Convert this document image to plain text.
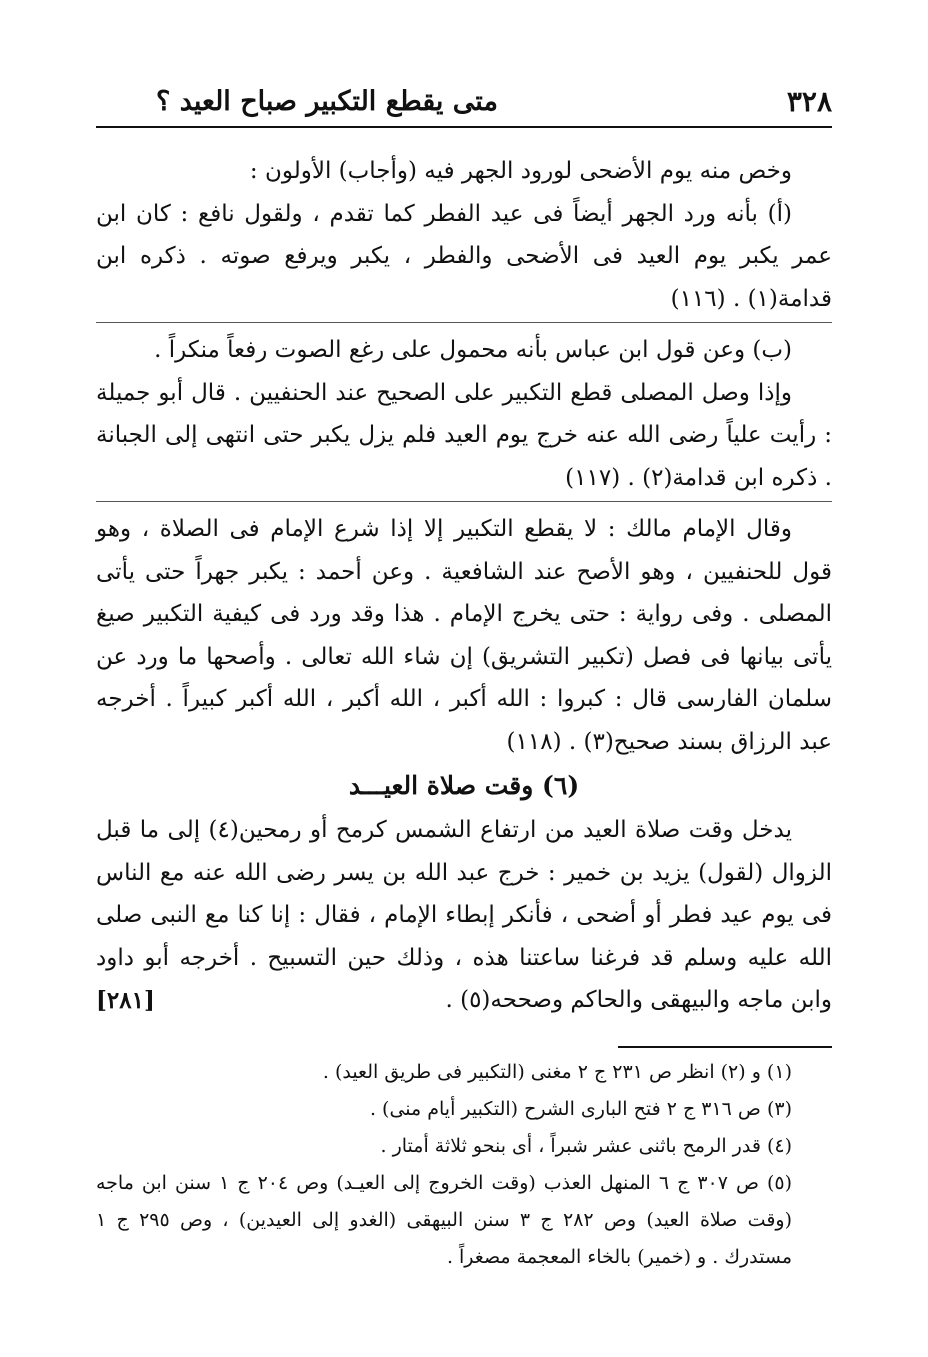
٣٢٨
متى يقطع التكبير صباح العيد ؟

وخص منه يوم الأضحى لورود الجهر فيه (وأجاب) الأولون :

(أ) بأنه ورد الجهر أيضاً فى عيد الفطر كما تقدم ، ولقول نافع : كان ابن عمر يكبر يوم العيد فى الأضحى والفطر ، يكبر ويرفع صوته . ذكره ابن قدامة(١) . (١١٦)

(ب) وعن قول ابن عباس بأنه محمول على رغع الصوت رفعاً منكراً .

وإذا وصل المصلى قطع التكبير على الصحيح عند الحنفيين . قال أبو جميلة : رأيت علياً رضى الله عنه خرج يوم العيد فلم يزل يكبر حتى انتهى إلى الجبانة . ذكره ابن قدامة(٢) . (١١٧)

وقال الإمام مالك : لا يقطع التكبير إلا إذا شرع الإمام فى الصلاة ، وهو قول للحنفيين ، وهو الأصح عند الشافعية . وعن أحمد : يكبر جهراً حتى يأتى المصلى . وفى رواية : حتى يخرج الإمام . هذا وقد ورد فى كيفية التكبير صيغ يأتى بيانها فى فصل (تكبير التشريق) إن شاء الله تعالى . وأصحها ما ورد عن سلمان الفارسى قال : كبروا : الله أكبر ، الله أكبر ، الله أكبر كبيراً . أخرجه عبد الرزاق بسند صحيح(٣) . (١١٨)

(٦) وقت صلاة العيـــد

يدخل وقت صلاة العيد من ارتفاع الشمس كرمح أو رمحين(٤) إلى ما قبل الزوال (لقول) يزيد بن خمير : خرج عبد الله بن يسر رضى الله عنه مع الناس فى يوم عيد فطر أو أضحى ، فأنكر إبطاء الإمام ، فقال : إنا كنا مع النبى صلى الله عليه وسلم قد فرغنا ساعتنا هذه ، وذلك حين التسبيح . أخرجه أبو داود وابن ماجه والبيهقى والحاكم وصححه(٥) .

[٢٨١]

(١) و (٢) انظر ص ٢٣١ ج ٢ مغنى (التكبير فى طريق العيد) .

(٣) ص ٣١٦ ج ٢ فتح البارى الشرح (التكبير أيام منى) .

(٤) قدر الرمح باثنى عشر شبراً ، أى بنحو ثلاثة أمتار .

(٥) ص ٣٠٧ ج ٦ المنهل العذب (وقت الخروج إلى العيـد) وص ٢٠٤ ج ١ سنن ابن ماجه (وقت صلاة العيد) وص ٢٨٢ ج ٣ سنن البيهقى (الغدو إلى العيدين) ، وص ٢٩٥ ج ١ مستدرك . و (خمير) بالخاء المعجمة مصغراً .
